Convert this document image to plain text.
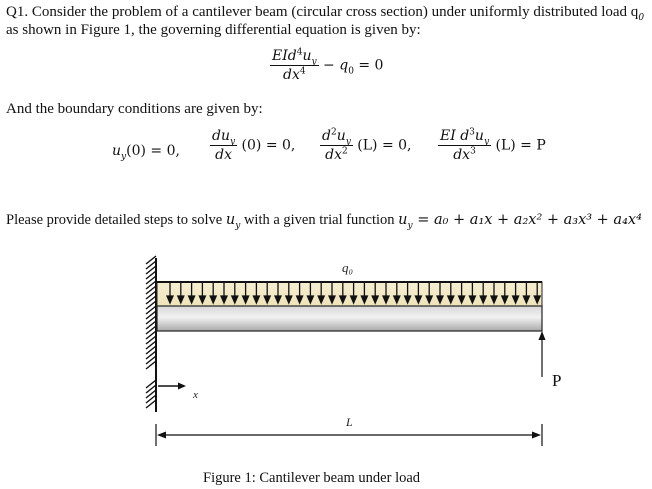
Q1. Consider the problem of a cantilever beam (circular cross section) under uniformly distributed load $q_0$
as shown in Figure 1, the governing differential equation is given by:
$\frac{EId^4u_y}{dx^4} - q_0 = 0$
And the boundary conditions are given by:
$u_y(0) = 0$, $\frac{du_y}{dx} (0) = 0$, $\frac{d^2u_y}{dx^2} (L) = 0$, $\frac{EI d^3u_y}{dx^3} (L) = P$
Please provide detailed steps to solve $u_y$ with a given trial function $u_y = a_0 + a_1x + a_2x^2 + a_3x^3 + a_4x^4$
q₀
P
x
L
Figure 1: Cantilever beam under load
